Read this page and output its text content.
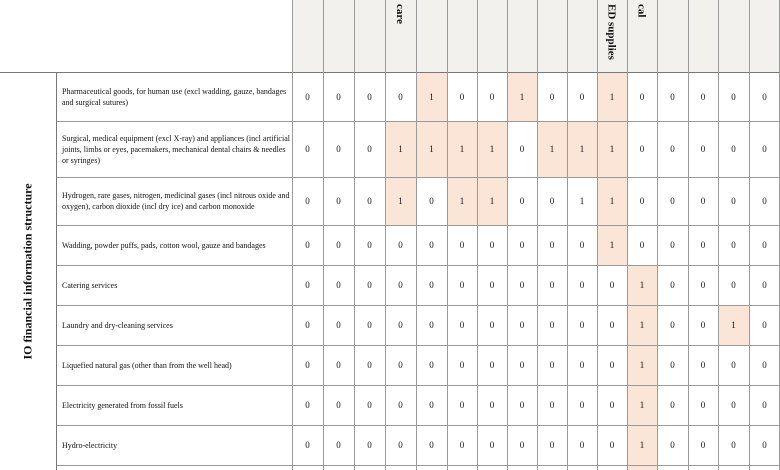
IO financial information structure
care	ED supplies cal
Pharmaceutical goods, for human use (excl wadding, gauze, bandages and surgical sutures)
0	0	0	0	1	0	0	1	0	0	1	0	0	0	0	0
Surgical, medical equipment (excl X-ray) and appliances (incl artificial joints, limbs or eyes, pacemakers, mechanical dental chairs & needles or syringes)
0	0	0	1	1	1	1	0	1	1	1	0	0	0	0	0
Hydrogen, rare gases, nitrogen, medicinal gases (incl nitrous oxide and oxygen), carbon dioxide (incl dry ice) and carbon monoxide
0	0	0	1	0	1	1	0	0	1	1	0	0	0	0	0
Wadding, powder puffs, pads, cotton wool, gauze and bandages	0	0	0	0	0	0	0	0	0	0	1	0	0	0	0	0
Catering services	0	0	0	0	0	0	0	0	0	0	0	1	0	0	0	0
Laundry and dry-cleaning services	0	0	0	0	0	0	0	0	0	0	0	1	0	0	1	0
Liquefied natural gas (other than from the well head)	0	0	0	0	0	0	0	0	0	0	0	1	0	0	0	0
Electricity generated from fossil fuels	0	0	0	0	0	0	0	0	0	0	0	1	0	0	0	0
Hydro-electricity	0	0	0	0	0	0	0	0	0	0	0	1	0	0	0	0
